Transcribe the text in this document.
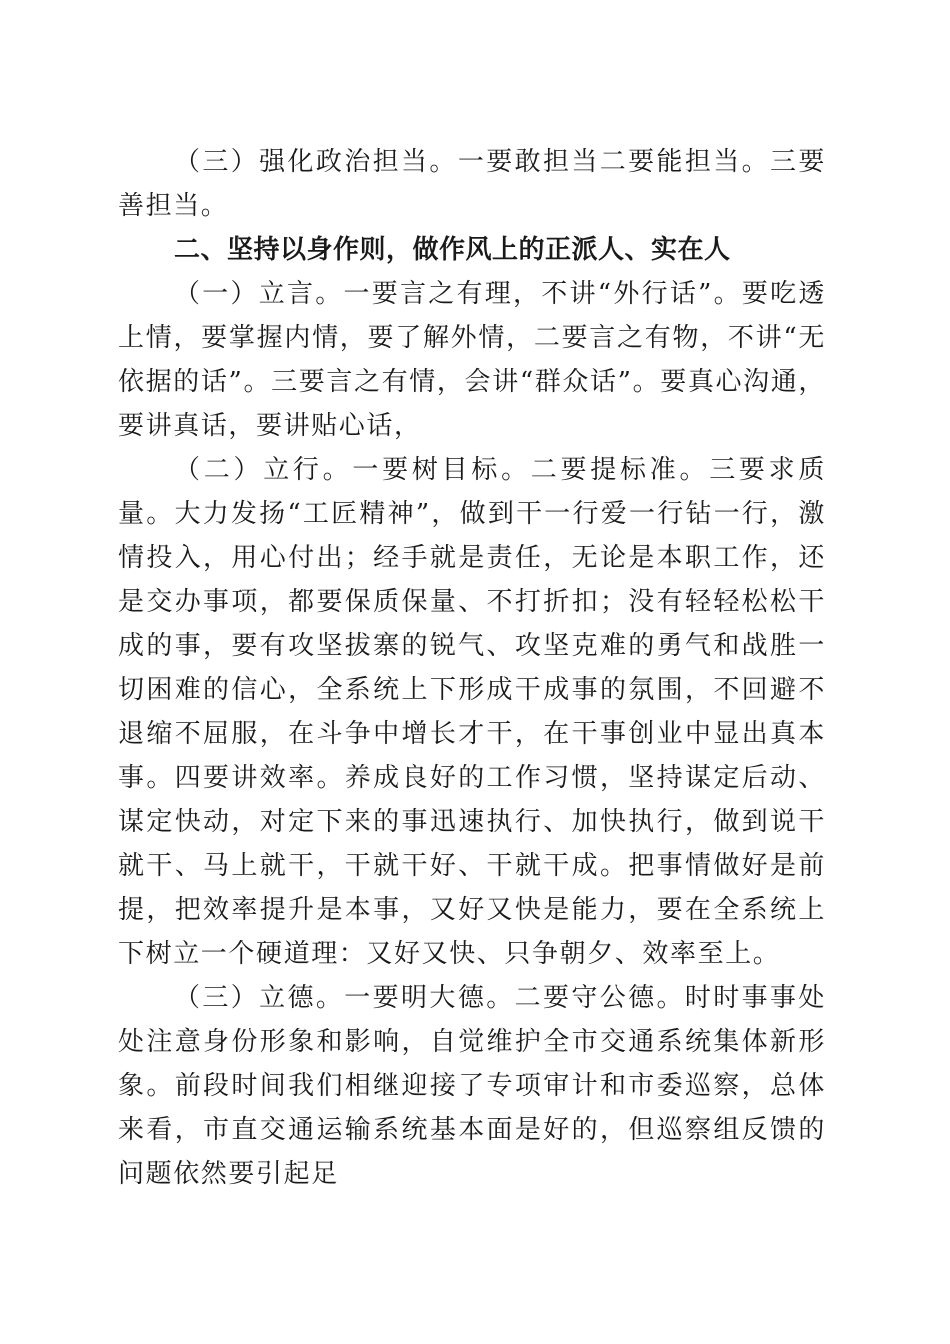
（三）强化政治担当。一要敢担当二要能担当。三要善担当。

二、坚持以身作则，做作风上的正派人、实在人

（一）立言。一要言之有理，不讲“外行话”。要吃透上情，要掌握内情，要了解外情，二要言之有物，不讲“无依据的话”。三要言之有情，会讲“群众话”。要真心沟通，要讲真话，要讲贴心话，

（二）立行。一要树目标。二要提标准。三要求质量。大力发扬“工匠精神”，做到干一行爱一行钻一行，激情投入，用心付出；经手就是责任，无论是本职工作，还是交办事项，都要保质保量、不打折扣；没有轻轻松松干成的事，要有攻坚拔寨的锐气、攻坚克难的勇气和战胜一切困难的信心，全系统上下形成干成事的氛围，不回避不退缩不屈服，在斗争中增长才干，在干事创业中显出真本事。四要讲效率。养成良好的工作习惯，坚持谋定后动、谋定快动，对定下来的事迅速执行、加快执行，做到说干就干、马上就干，干就干好、干就干成。把事情做好是前提，把效率提升是本事，又好又快是能力，要在全系统上下树立一个硬道理：又好又快、只争朝夕、效率至上。

（三）立德。一要明大德。二要守公德。时时事事处处注意身份形象和影响，自觉维护全市交通系统集体新形象。前段时间我们相继迎接了专项审计和市委巡察，总体来看，市直交通运输系统基本面是好的，但巡察组反馈的问题依然要引起足
